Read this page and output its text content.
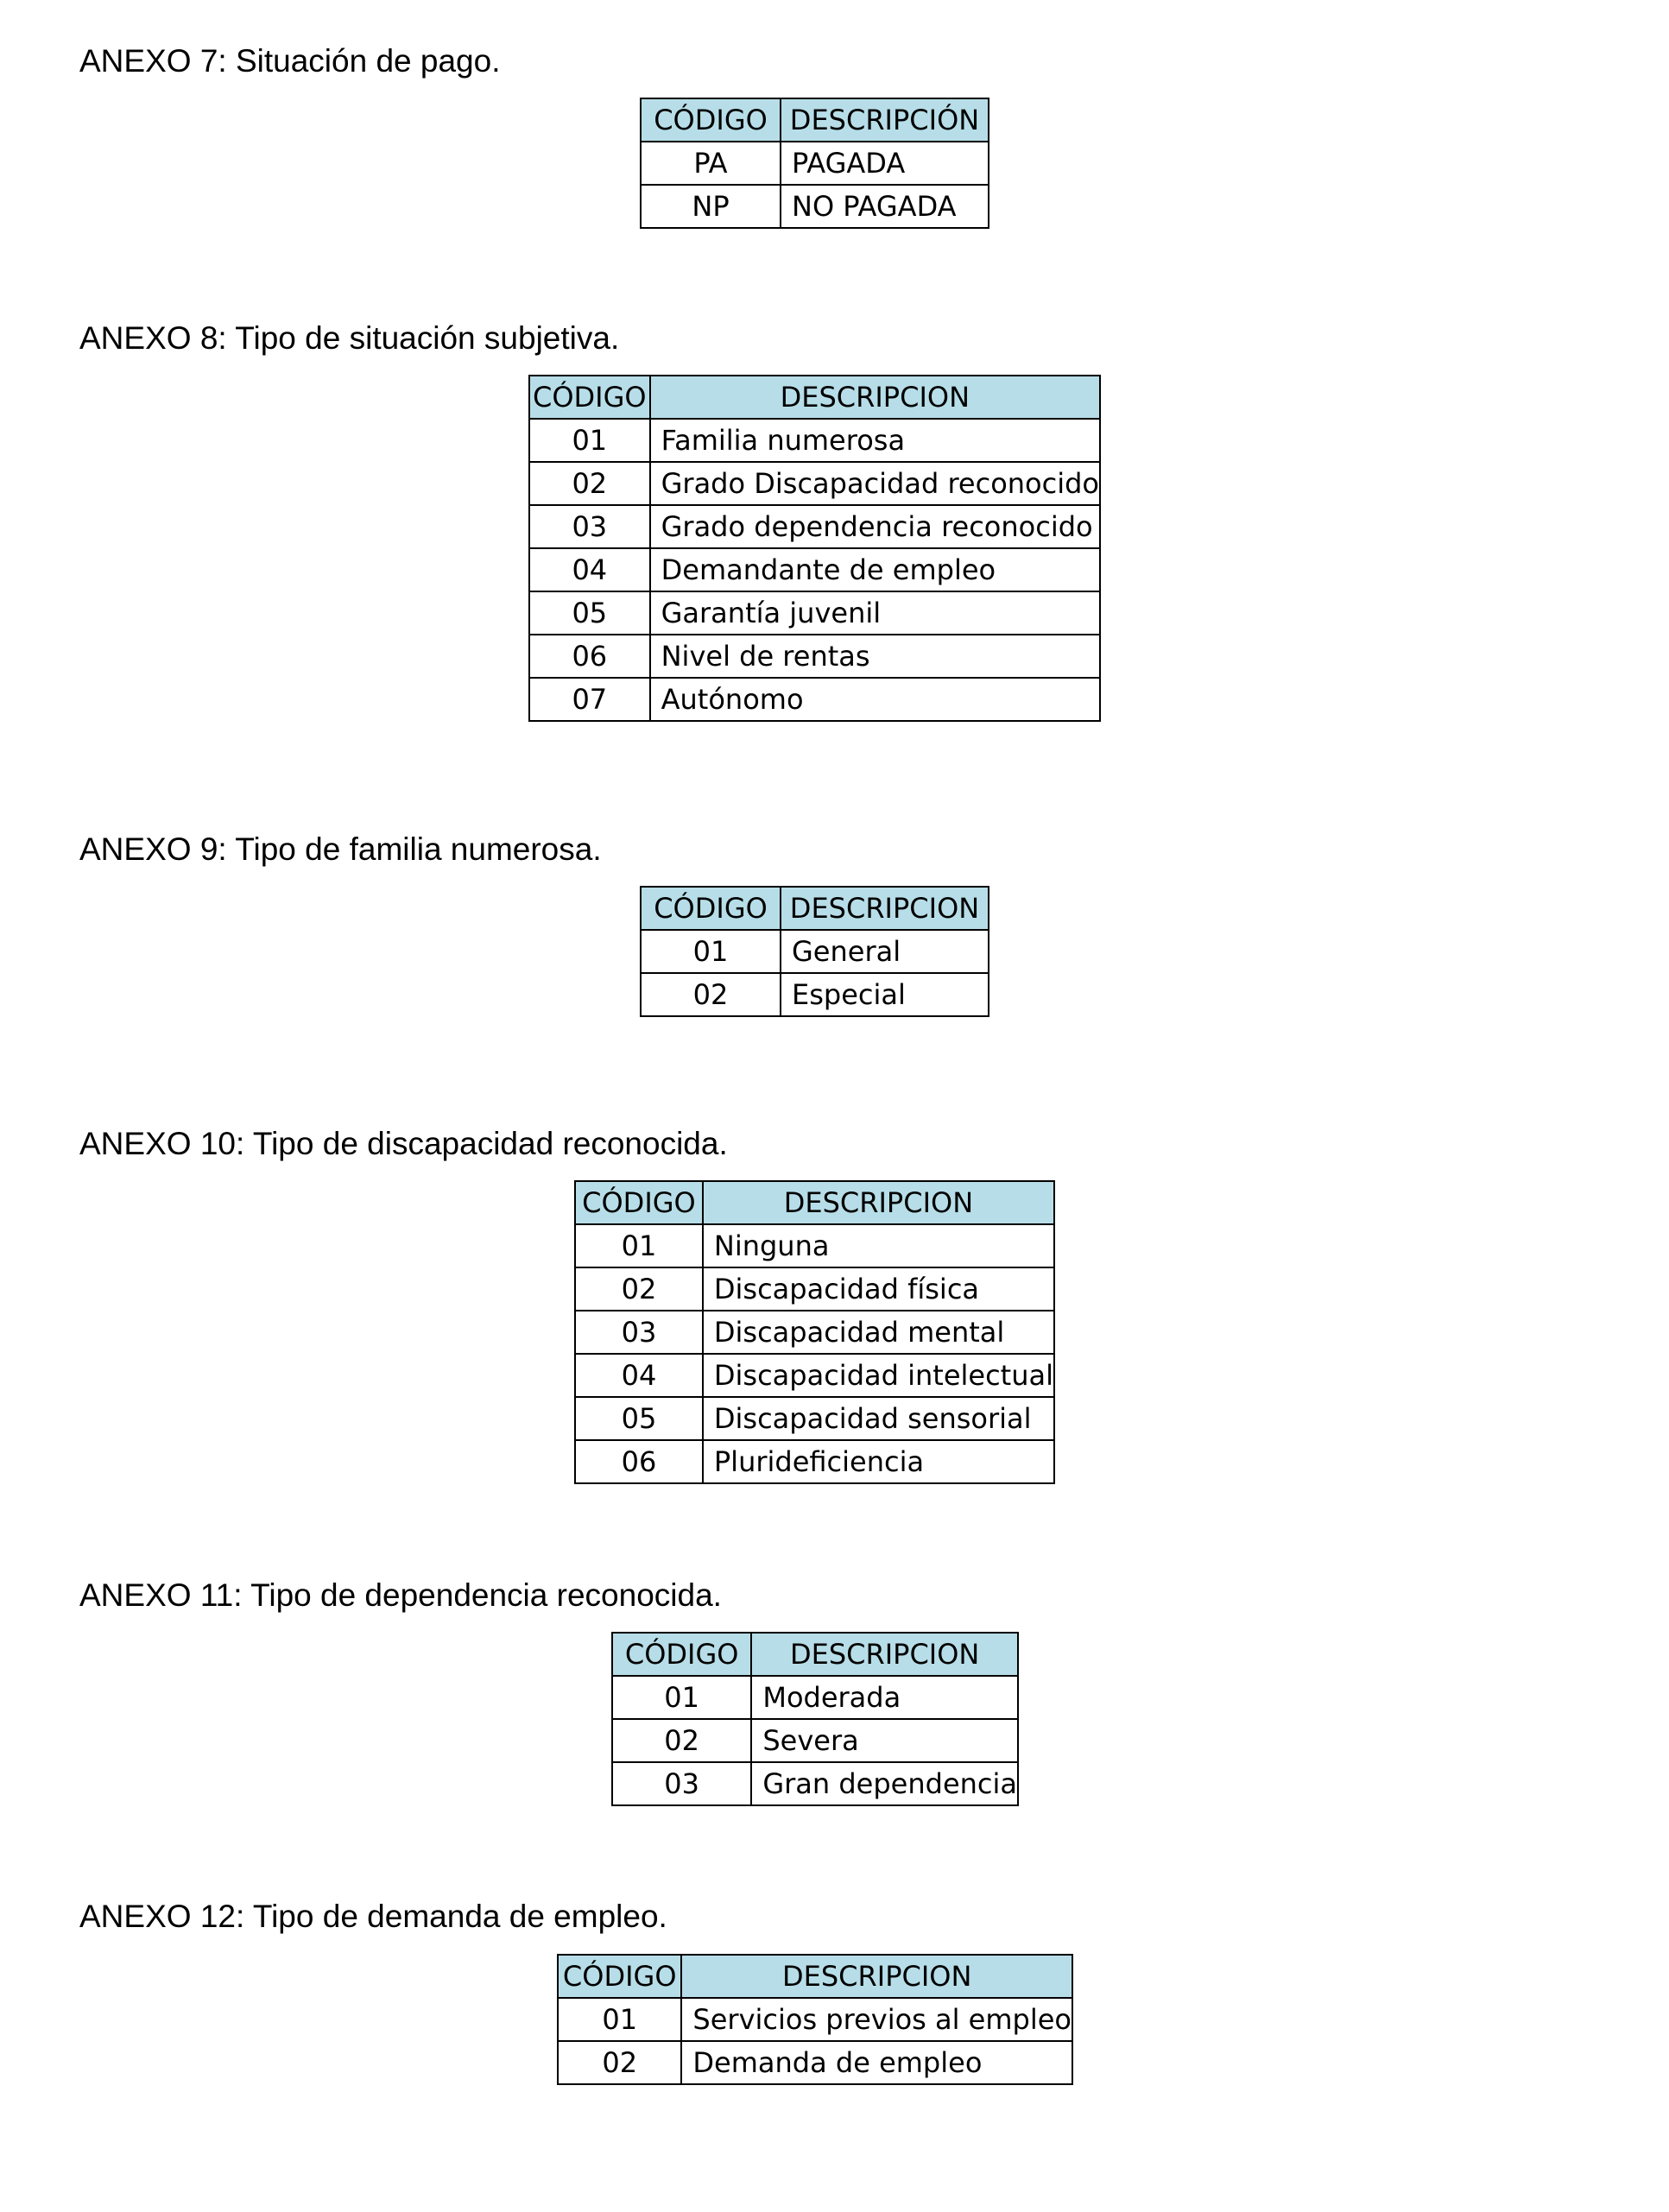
ANEXO 7: Situación de pago.
CÓDIGO	DESCRIPCIÓN
PA	PAGADA
NP	NO PAGADA
ANEXO 8: Tipo de situación subjetiva.
CÓDIGO	DESCRIPCION
01	Familia numerosa
02	Grado Discapacidad reconocido
03	Grado dependencia reconocido
04	Demandante de empleo
05	Garantía juvenil
06	Nivel de rentas
07	Autónomo
ANEXO 9: Tipo de familia numerosa.
CÓDIGO	DESCRIPCION
01	General
02	Especial
ANEXO 10: Tipo de discapacidad reconocida.
CÓDIGO	DESCRIPCION
01	Ninguna
02	Discapacidad física
03	Discapacidad mental
04	Discapacidad intelectual
05	Discapacidad sensorial
06	Pluridеficiencia
ANEXO 11: Tipo de dependencia reconocida.
CÓDIGO	DESCRIPCION
01	Moderada
02	Severa
03	Gran dependencia
ANEXO 12: Tipo de demanda de empleo.
CÓDIGO	DESCRIPCION
01	Servicios previos al empleo
02	Demanda de empleo
